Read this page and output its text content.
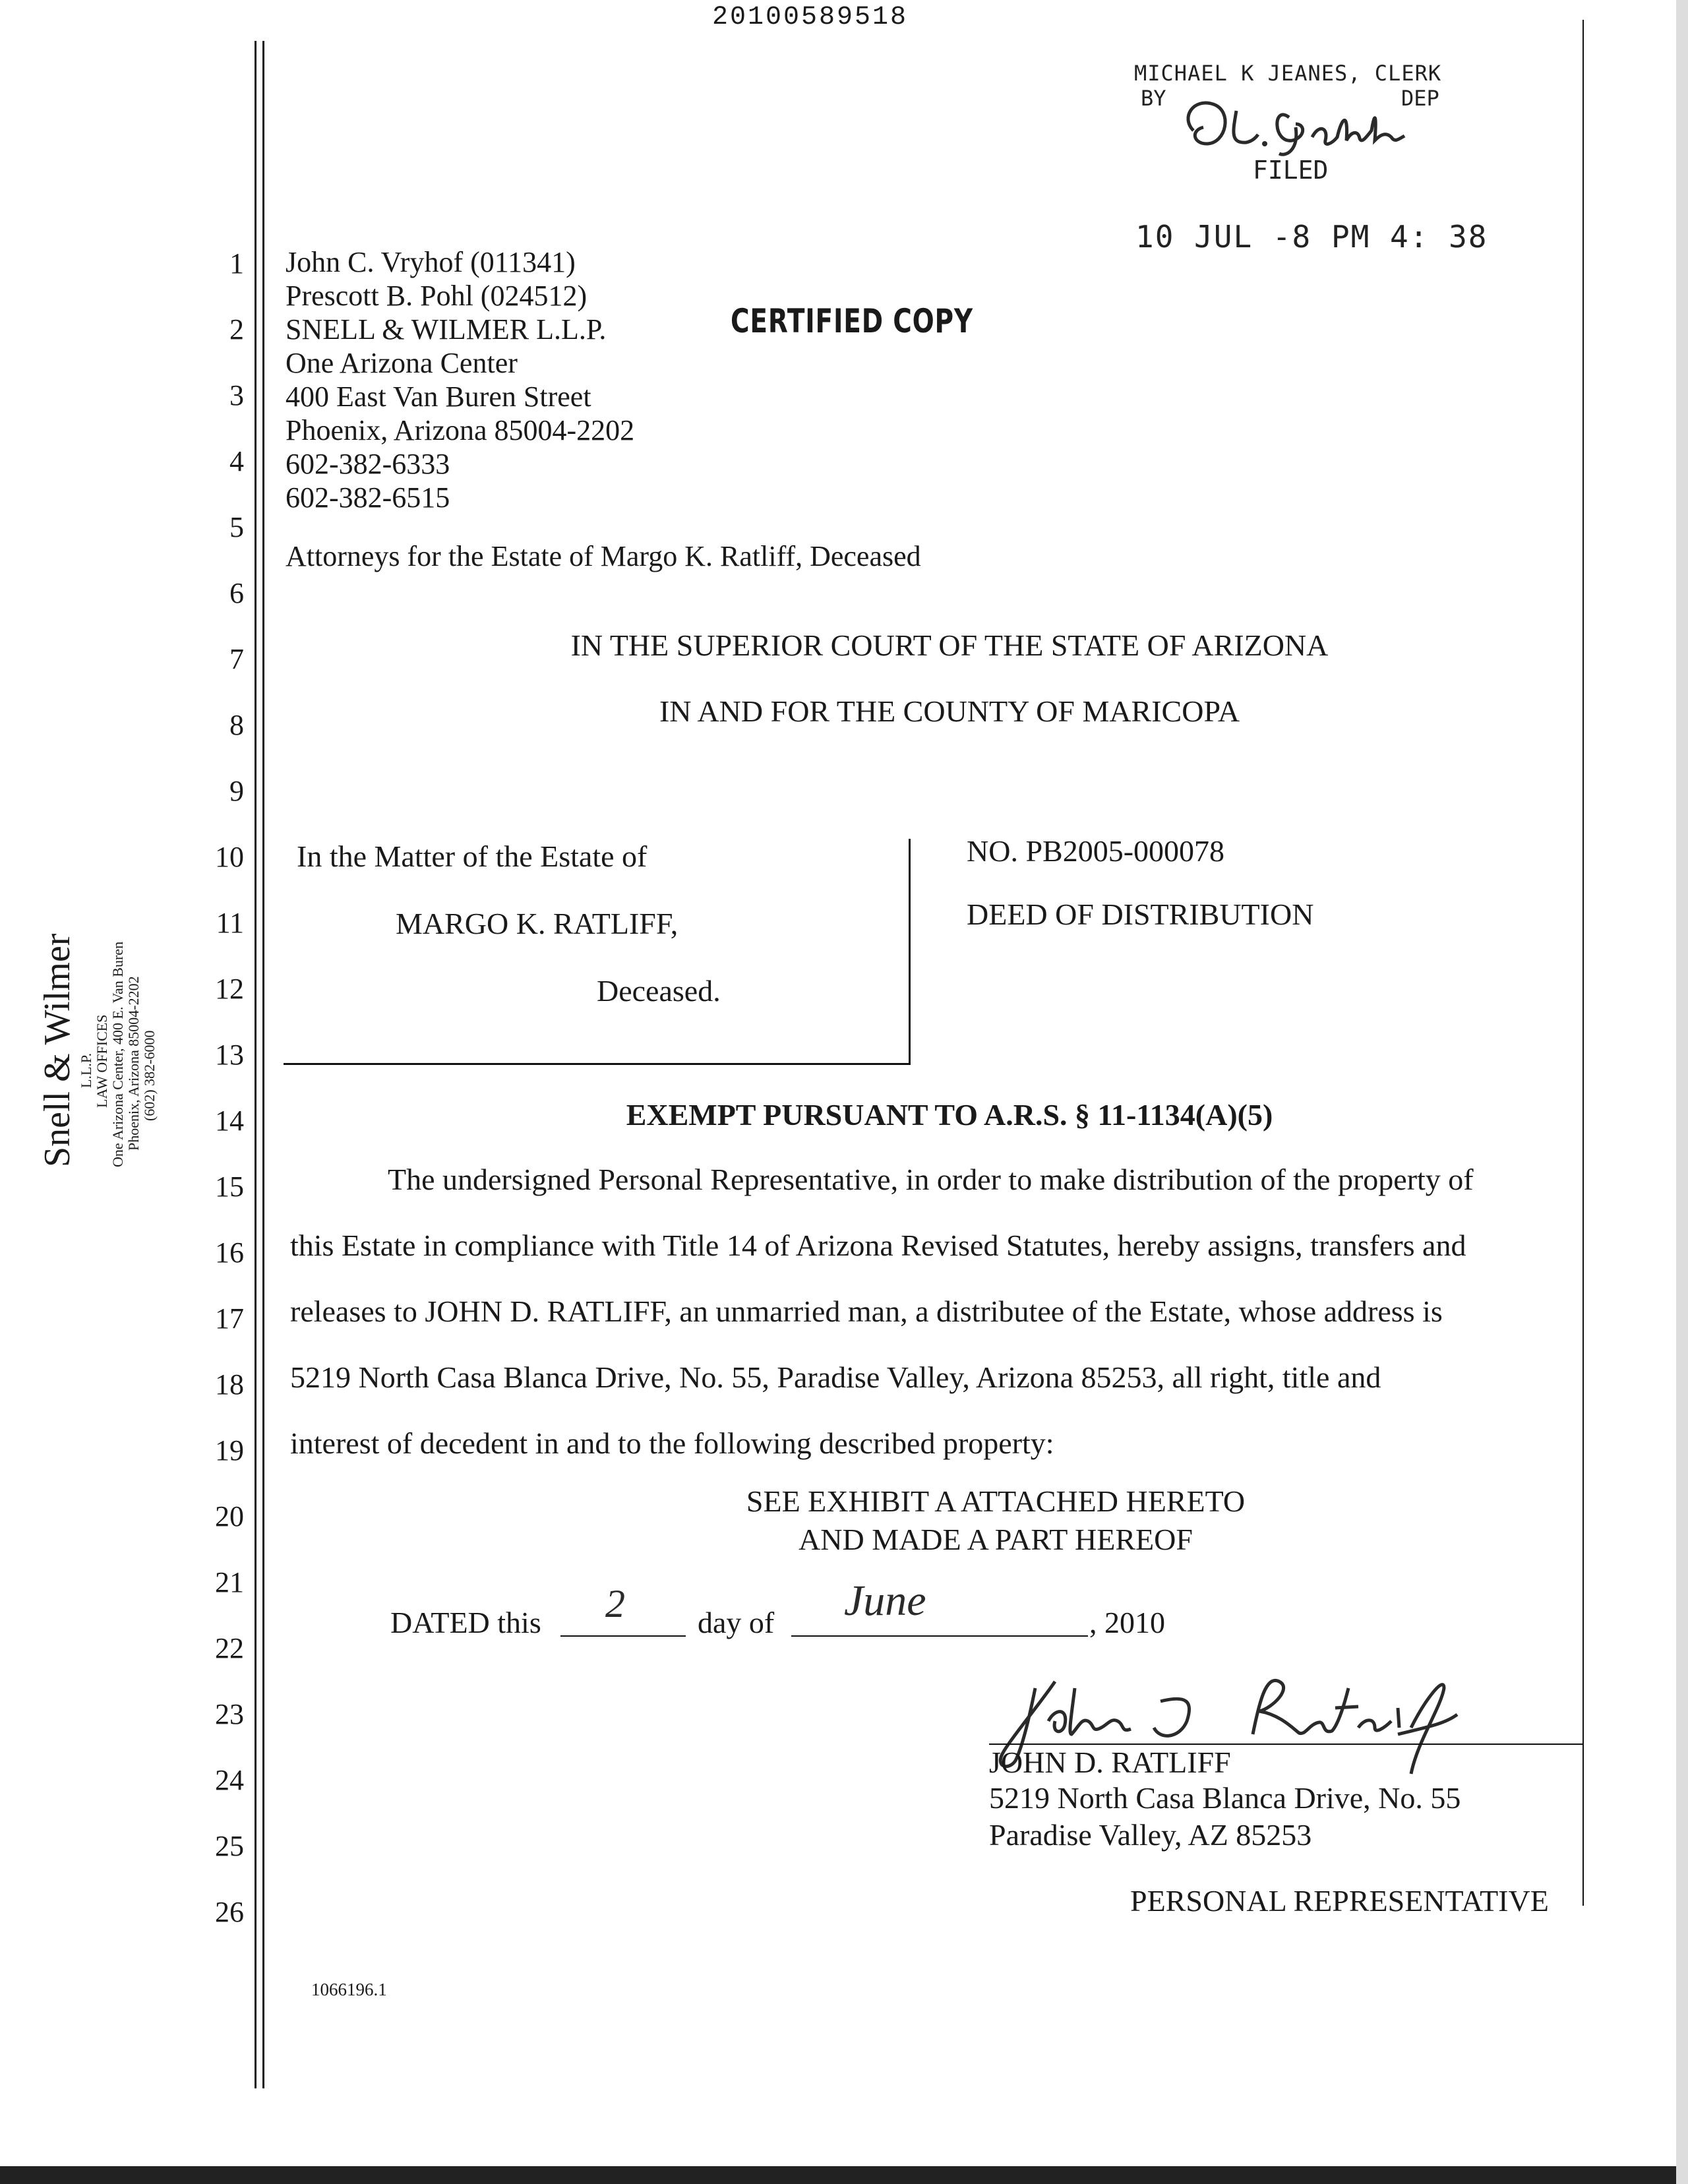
20100589518
MICHAEL K JEANES, CLERK
BY	DEP
FILED
10 JUL -8 PM 4: 38
CERTIFIED COPY
1
2
3
4
5
6
7
8
9
10
11
12
13
14
15
16
17
18
19
20
21
22
23
24
25
26
Snell & Wilmer L.L.P. LAW OFFICES One Arizona Center, 400 E. Van Buren Phoenix, Arizona 85004-2202 (602) 382-6000
John C. Vryhof (011341)
Prescott B. Pohl (024512)
SNELL & WILMER L.L.P.
One Arizona Center
400 East Van Buren Street
Phoenix, Arizona 85004-2202
602-382-6333
602-382-6515
Attorneys for the Estate of Margo K. Ratliff, Deceased
IN THE SUPERIOR COURT OF THE STATE OF ARIZONA
IN AND FOR THE COUNTY OF MARICOPA
In the Matter of the Estate of
MARGO K. RATLIFF,
Deceased.
NO. PB2005-000078
DEED OF DISTRIBUTION
EXEMPT PURSUANT TO A.R.S. § 11-1134(A)(5)
The undersigned Personal Representative, in order to make distribution of the property of
this Estate in compliance with Title 14 of Arizona Revised Statutes, hereby assigns, transfers and
releases to JOHN D. RATLIFF, an unmarried man, a distributee of the Estate, whose address is
5219 North Casa Blanca Drive, No. 55, Paradise Valley, Arizona 85253, all right, title and
interest of decedent in and to the following described property:
SEE EXHIBIT A ATTACHED HERETO
AND MADE A PART HEREOF
DATED this 2 day of June	, 2010
JOHN D. RATLIFF
5219 North Casa Blanca Drive, No. 55
Paradise Valley, AZ 85253
PERSONAL REPRESENTATIVE
1066196.1
